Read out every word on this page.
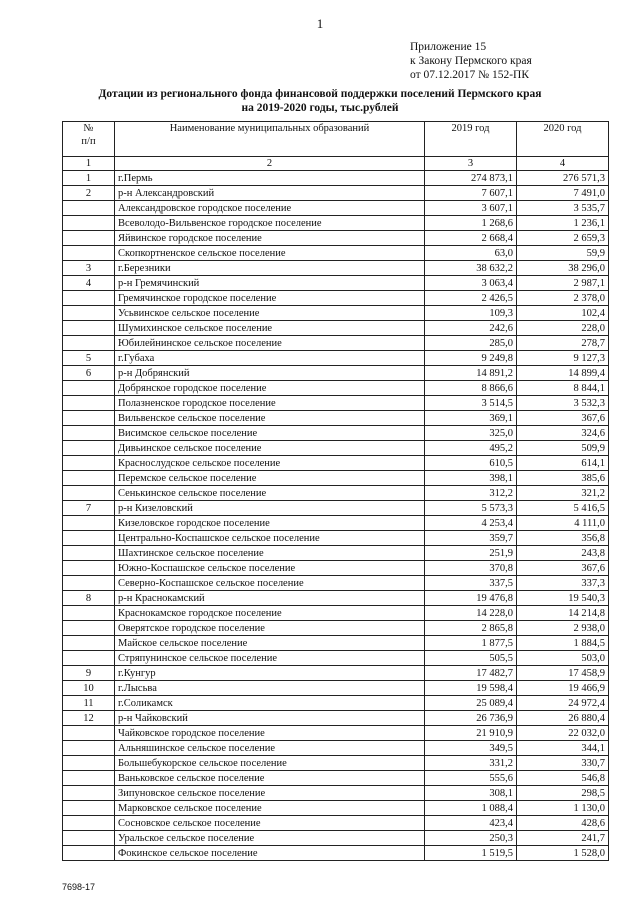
1
Приложение 15
к Закону Пермского края
от 07.12.2017 № 152-ПК
Дотации из регионального фонда финансовой поддержки поселений Пермского края
на 2019-2020 годы, тыс.рублей
№
п/п	Наименование муниципальных образований	2019 год	2020 год
1	2	3	4
1	г.Пермь	274 873,1	276 571,3
2	р-н Александровский	7 607,1	7 491,0
	Александровское городское поселение	3 607,1	3 535,7
	Всеволодо-Вильвенское городское поселение	1 268,6	1 236,1
	Яйвинское городское поселение	2 668,4	2 659,3
	Скопкортненское сельское поселение	63,0	59,9
3	г.Березники	38 632,2	38 296,0
4	р-н Гремячинский	3 063,4	2 987,1
	Гремячинское городское поселение	2 426,5	2 378,0
	Усьвинское сельское поселение	109,3	102,4
	Шумихинское сельское поселение	242,6	228,0
	Юбилейнинское сельское поселение	285,0	278,7
5	г.Губаха	9 249,8	9 127,3
6	р-н Добрянский	14 891,2	14 899,4
	Добрянское городское поселение	8 866,6	8 844,1
	Полазненское городское поселение	3 514,5	3 532,3
	Вильвенское сельское поселение	369,1	367,6
	Висимское сельское поселение	325,0	324,6
	Дивьинское сельское поселение	495,2	509,9
	Краснослудское сельское поселение	610,5	614,1
	Перемское сельское поселение	398,1	385,6
	Сенькинское сельское поселение	312,2	321,2
7	р-н Кизеловский	5 573,3	5 416,5
	Кизеловское городское поселение	4 253,4	4 111,0
	Центрально-Коспашское сельское поселение	359,7	356,8
	Шахтинское сельское поселение	251,9	243,8
	Южно-Коспашское сельское поселение	370,8	367,6
	Северно-Коспашское сельское поселение	337,5	337,3
8	р-н Краснокамский	19 476,8	19 540,3
	Краснокамское городское поселение	14 228,0	14 214,8
	Оверятское городское поселение	2 865,8	2 938,0
	Майское сельское поселение	1 877,5	1 884,5
	Стряпунинское сельское поселение	505,5	503,0
9	г.Кунгур	17 482,7	17 458,9
10	г.Лысьва	19 598,4	19 466,9
11	г.Соликамск	25 089,4	24 972,4
12	р-н Чайковский	26 736,9	26 880,4
	Чайковское городское поселение	21 910,9	22 032,0
	Альняшинское сельское поселение	349,5	344,1
	Большебукорское сельское поселение	331,2	330,7
	Ваньковское сельское поселение	555,6	546,8
	Зипуновское сельское поселение	308,1	298,5
	Марковское сельское поселение	1 088,4	1 130,0
	Сосновское сельское поселение	423,4	428,6
	Уральское сельское поселение	250,3	241,7
	Фокинское сельское поселение	1 519,5	1 528,0
7698-17
